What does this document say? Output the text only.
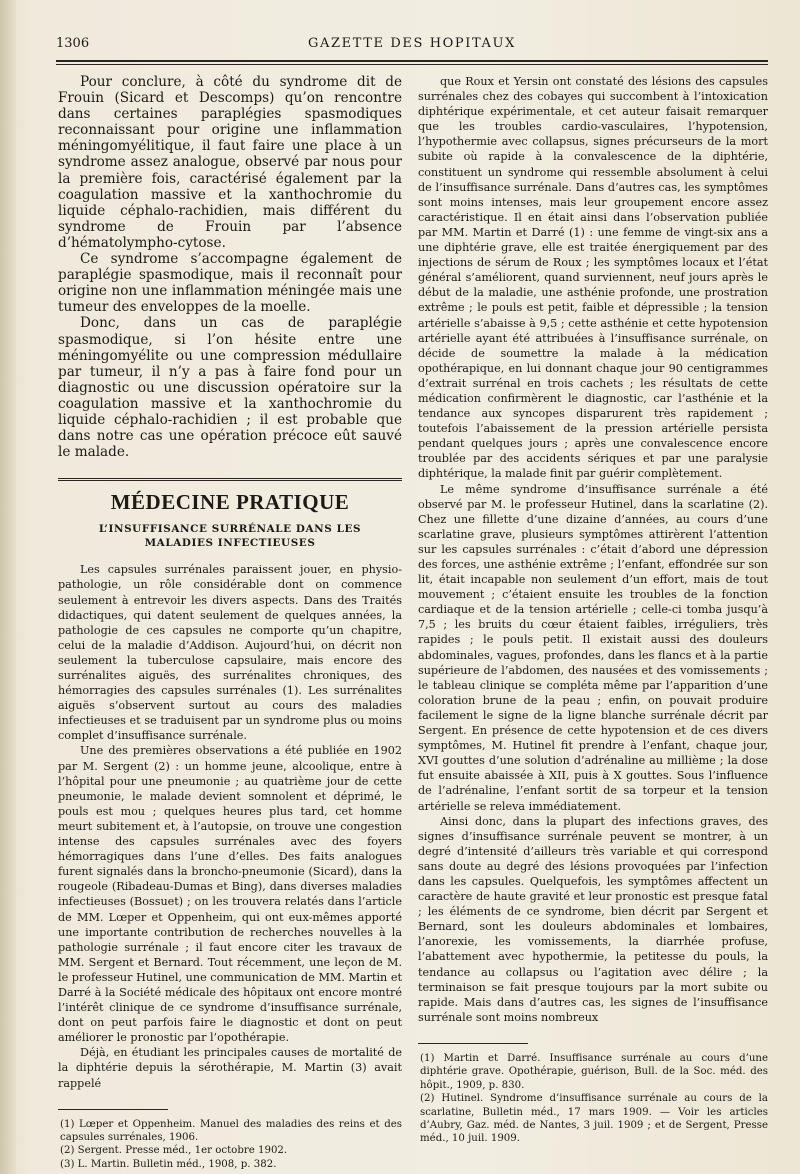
1306	GAZETTE DES HOPITAUX

Pour conclure, à côté du syndrome dit de Frouin (Sicard et Descomps) qu’on rencontre dans certaines paraplégies spasmodiques reconnaissant pour origine une inflammation méningomyélitique, il faut faire une place à un syndrome assez analogue, observé par nous pour la première fois, caractérisé également par la coagulation massive et la xanthochromie du liquide céphalo-rachidien, mais différent du syndrome de Frouin par l’absence d’hématolympho-cytose.

Ce syndrome s’accompagne également de paraplégie spasmodique, mais il reconnaît pour origine non une inflammation méningée mais une tumeur des enveloppes de la moelle.

Donc, dans un cas de paraplégie spasmodique, si l’on hésite entre une méningomyélite ou une compression médullaire par tumeur, il n’y a pas à faire fond pour un diagnostic ou une discussion opératoire sur la coagulation massive et la xanthochromie du liquide céphalo-rachidien ; il est probable que dans notre cas une opération précoce eût sauvé le malade.

MÉDECINE PRATIQUE
L’INSUFFISANCE SURRÉNALE DANS LES MALADIES INFECTIEUSES

Les capsules surrénales paraissent jouer, en physio-pathologie, un rôle considérable dont on commence seulement à entrevoir les divers aspects. Dans des Traités didactiques, qui datent seulement de quelques années, la pathologie de ces capsules ne comporte qu’un chapitre, celui de la maladie d’Addison. Aujourd’hui, on décrit non seulement la tuberculose capsulaire, mais encore des surrénalites aiguës, des surrénalites chroniques, des hémorragies des capsules surrénales (1). Les surrénalites aiguës s’observent surtout au cours des maladies infectieuses et se traduisent par un syndrome plus ou moins complet d’insuffisance surrénale.

Une des premières observations a été publiée en 1902 par M. Sergent (2) : un homme jeune, alcoolique, entre à l’hôpital pour une pneumonie ; au quatrième jour de cette pneumonie, le malade devient somnolent et déprimé, le pouls est mou ; quelques heures plus tard, cet homme meurt subitement et, à l’autopsie, on trouve une congestion intense des capsules surrénales avec des foyers hémorragiques dans l’une d’elles. Des faits analogues furent signalés dans la broncho-pneumonie (Sicard), dans la rougeole (Ribadeau-Dumas et Bing), dans diverses maladies infectieuses (Bossuet) ; on les trouvera relatés dans l’article de MM. Lœper et Oppenheim, qui ont eux-mêmes apporté une importante contribution de recherches nouvelles à la pathologie surrénale ; il faut encore citer les travaux de MM. Sergent et Bernard. Tout récemment, une leçon de M. le professeur Hutinel, une communication de MM. Martin et Darré à la Société médicale des hôpitaux ont encore montré l’intérêt clinique de ce syndrome d’insuffisance surrénale, dont on peut parfois faire le diagnostic et dont on peut améliorer le pronostic par l’opothérapie.

Déjà, en étudiant les principales causes de mortalité de la diphtérie depuis la sérothérapie, M. Martin (3) avait rappelé

(1) Lœper et Oppenheim. Manuel des maladies des reins et des capsules surrénales, 1906.

(2) Sergent. Presse méd., 1er octobre 1902.

(3) L. Martin. Bulletin méd., 1908, p. 382.

que Roux et Yersin ont constaté des lésions des capsules surrénales chez des cobayes qui succombent à l’intoxication diphtérique expérimentale, et cet auteur faisait remarquer que les troubles cardio-vasculaires, l’hypotension, l’hypothermie avec collapsus, signes précurseurs de la mort subite où rapide à la convalescence de la diphtérie, constituent un syndrome qui ressemble absolument à celui de l’insuffisance surrénale. Dans d’autres cas, les symptômes sont moins intenses, mais leur groupement encore assez caractéristique. Il en était ainsi dans l’observation publiée par MM. Martin et Darré (1) : une femme de vingt-six ans a une diphtérie grave, elle est traitée énergiquement par des injections de sérum de Roux ; les symptômes locaux et l’état général s’améliorent, quand surviennent, neuf jours après le début de la maladie, une asthénie profonde, une prostration extrême ; le pouls est petit, faible et dépressible ; la tension artérielle s’abaisse à 9,5 ; cette asthénie et cette hypotension artérielle ayant été attribuées à l’insuffisance surrénale, on décide de soumettre la malade à la médication opothérapique, en lui donnant chaque jour 90 centigrammes d’extrait surrénal en trois cachets ; les résultats de cette médication confirmèrent le diagnostic, car l’asthénie et la tendance aux syncopes disparurent très rapidement ; toutefois l’abaissement de la pression artérielle persista pendant quelques jours ; après une convalescence encore troublée par des accidents sériques et par une paralysie diphtérique, la malade finit par guérir complètement.

Le même syndrome d’insuffisance surrénale a été observé par M. le professeur Hutinel, dans la scarlatine (2). Chez une fillette d’une dizaine d’années, au cours d’une scarlatine grave, plusieurs symptômes attirèrent l’attention sur les capsules surrénales : c’était d’abord une dépression des forces, une asthénie extrême ; l’enfant, effondrée sur son lit, était incapable non seulement d’un effort, mais de tout mouvement ; c’étaient ensuite les troubles de la fonction cardiaque et de la tension artérielle ; celle-ci tomba jusqu’à 7,5 ; les bruits du cœur étaient faibles, irréguliers, très rapides ; le pouls petit. Il existait aussi des douleurs abdominales, vagues, profondes, dans les flancs et à la partie supérieure de l’abdomen, des nausées et des vomissements ; le tableau clinique se compléta même par l’apparition d’une coloration brune de la peau ; enfin, on pouvait produire facilement le signe de la ligne blanche surrénale décrit par Sergent. En présence de cette hypotension et de ces divers symptômes, M. Hutinel fit prendre à l’enfant, chaque jour, XVI gouttes d’une solution d’adrénaline au millième ; la dose fut ensuite abaissée à XII, puis à X gouttes. Sous l’influence de l’adrénaline, l’enfant sortit de sa torpeur et la tension artérielle se releva immédiatement.

Ainsi donc, dans la plupart des infections graves, des signes d’insuffisance surrénale peuvent se montrer, à un degré d’intensité d’ailleurs très variable et qui correspond sans doute au degré des lésions provoquées par l’infection dans les capsules. Quelquefois, les symptômes affectent un caractère de haute gravité et leur pronostic est presque fatal ; les éléments de ce syndrome, bien décrit par Sergent et Bernard, sont les douleurs abdominales et lombaires, l’anorexie, les vomissements, la diarrhée profuse, l’abattement avec hypothermie, la petitesse du pouls, la tendance au collapsus ou l’agitation avec délire ; la terminaison se fait presque toujours par la mort subite ou rapide. Mais dans d’autres cas, les signes de l’insuffisance surrénale sont moins nombreux

(1) Martin et Darré. Insuffisance surrénale au cours d’une diphtérie grave. Opothérapie, guérison, Bull. de la Soc. méd. des hôpit., 1909, p. 830.

(2) Hutinel. Syndrome d’insuffisance surrénale au cours de la scarlatine, Bulletin méd., 17 mars 1909. — Voir les articles d’Aubry, Gaz. méd. de Nantes, 3 juil. 1909 ; et de Sergent, Presse méd., 10 juil. 1909.
